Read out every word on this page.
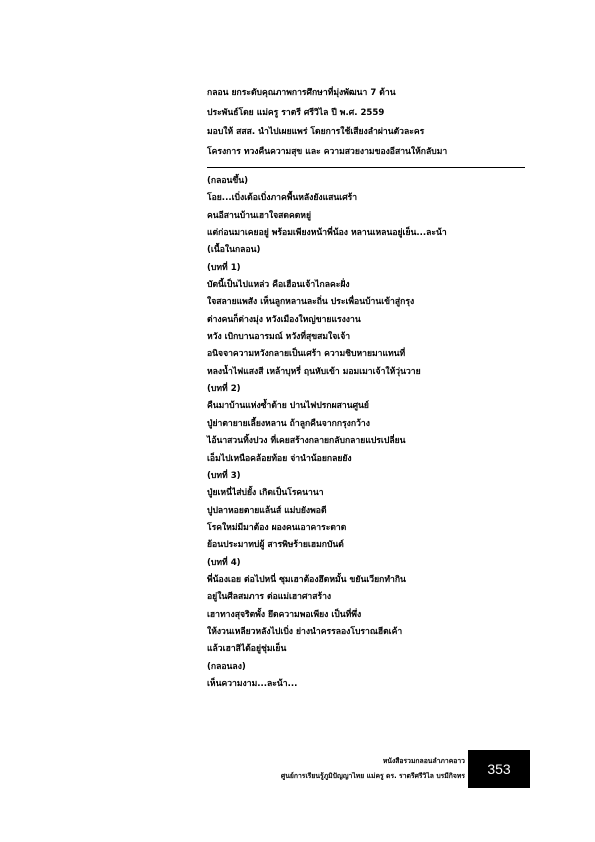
กลอน ยกระดับคุณภาพการศึกษาที่มุ่งพัฒนา 7 ด้าน
ประพันธ์โดย แม่ครู ราตรี ศรีวิไล ปี พ.ศ. 2559
มอบให้ สสส. นำไปเผยแพร่ โดยการใช้เสียงลำผ่านตัวละคร
โครงการ ทวงคืนความสุข และ ความสวยงามของอีสานให้กลับมา
(กลอนขึ้น)
โอย...เบิ่งเด้อเบิ่งภาคพื้นหลังยังแสนเศร้า
คนอีสานบ้านเฮาใจสดคดหยู่
แต่ก่อนมาเคยอยู่ พร้อมเพียงหน้าพี่น้อง หลานเหลนอยู่เย็น...ละน้า
(เนื้อในกลอน)
(บทที่ 1)
บัดนี้เป็นไปแหล่ว คือเฮือนเจ้าไกลคะฝั่ง
ใจสลายแพสัง เห็นลูกหลานละถิ่น ประเพื่อนบ้านเข้าสู่กรุง
ต่างคนก็ต่างมุ่ง หวังเมืองใหญ่ขายแรงงาน
หวัง เบิกบานอารมณ์ หวังที่สุขสมใจเจ้า
อนิจจาความหวังกลายเป็นเศร้า ความชิบหายมาแทนที่
หลงน้ำไฟแสงสี เหล้าบุหรี่ ฤนหับเข้า มอมเมาเจ้าให้วุ่นวาย
(บทที่ 2)
คืนมาบ้านแห่งซ้ำด้าย ปานไฟปรกผสานศูนย์
ปู่ย่าตายายเลี้ยงหลาน ถ้าลูกคืนจากกรุงกว้าง
ไอ้นาสวนทิ้งปวง ที่เคยสร้างกลายกลับกลายแปรเปลี่ยน
เอ็มไปเหนือคล้อยท้อย จ่านำน้อยกลยยัง
(บทที่ 3)
ปู่ยเหนี่ไส่บ่ยั้ง เกิดเป็นโรคนานา
ปูปลาหอยตายแล้นส์ แม่บยังพอดี
โรคใหม่มีมาต้อง ผองคนเอาคาระดาด
ย้อนประมาทบ่ผู้ สารพิษร้ายเฮมกบันด์
(บทที่ 4)
พี่น้องเอย ต่อไปหนี่ ซุมเฮาต้องฮึดหมั้น ขยันเวียกทำกิน
อยู่ในศีลสมภาร ต่อแม่เฮาศาสร้าง
เฮาทางสุจริตพั้ง ยึดความพอเพียง เป็นที่พึ่ง
ให้งวนเหลียวหลังไปเบิ่ง ย่างนำครรลองโบราณฮีตเค้า
แล้วเฮาสิได้อยู่ชุ่มเย็น
(กลอนลง)
เห็นความงาม...ละน้า...
หนังสือรวมกลอนลำภาคอาว
ศูนย์การเรียนรู้ภูมิปัญญาไทย แม่ครู ดร. ราตรีศรีวิไล บรมีกิจทร	353
